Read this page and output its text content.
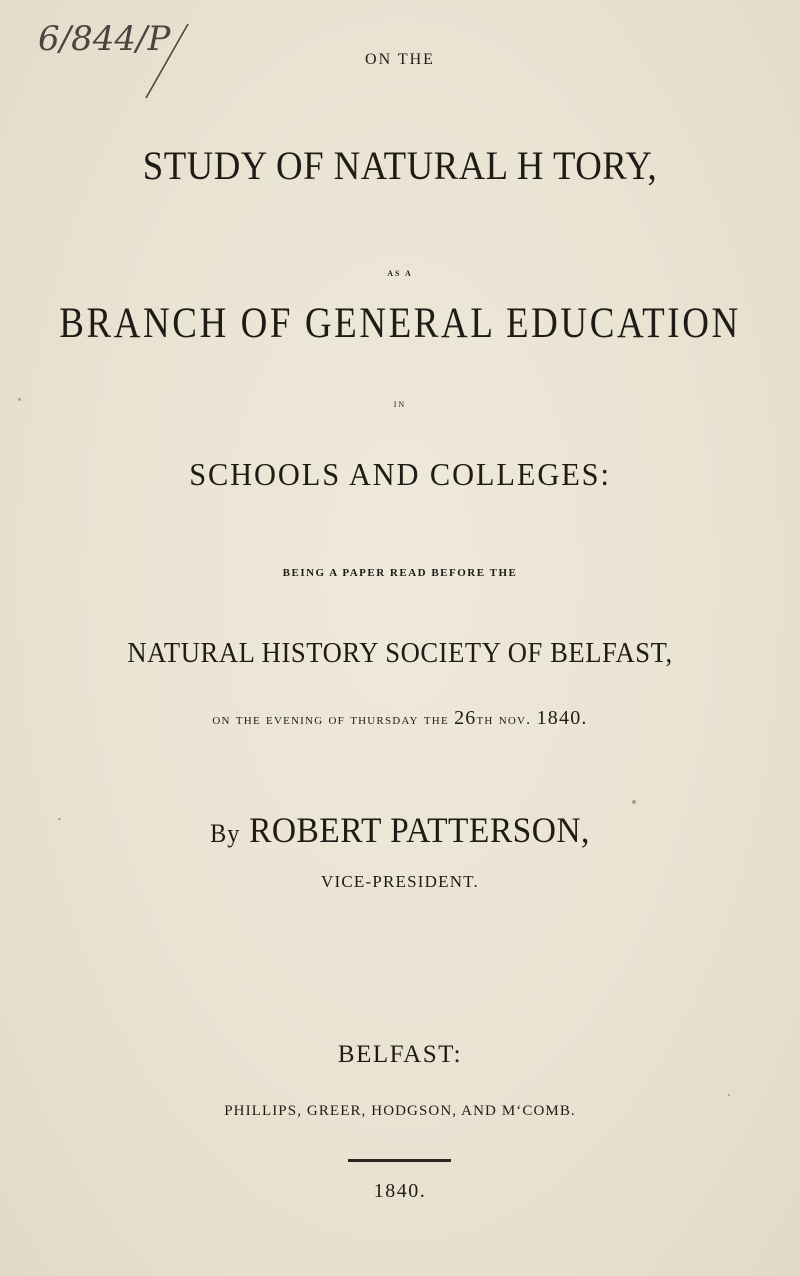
6/844/P
ON THE
STUDY OF NATURAL H TORY,
AS A
BRANCH OF GENERAL EDUCATION
IN
SCHOOLS AND COLLEGES:
BEING A PAPER READ BEFORE THE
NATURAL HISTORY SOCIETY OF BELFAST,
on the evening of thursday the 26th nov. 1840.
By ROBERT PATTERSON,
VICE-PRESIDENT.
BELFAST:
PHILLIPS, GREER, HODGSON, AND M‘COMB.
1840.
